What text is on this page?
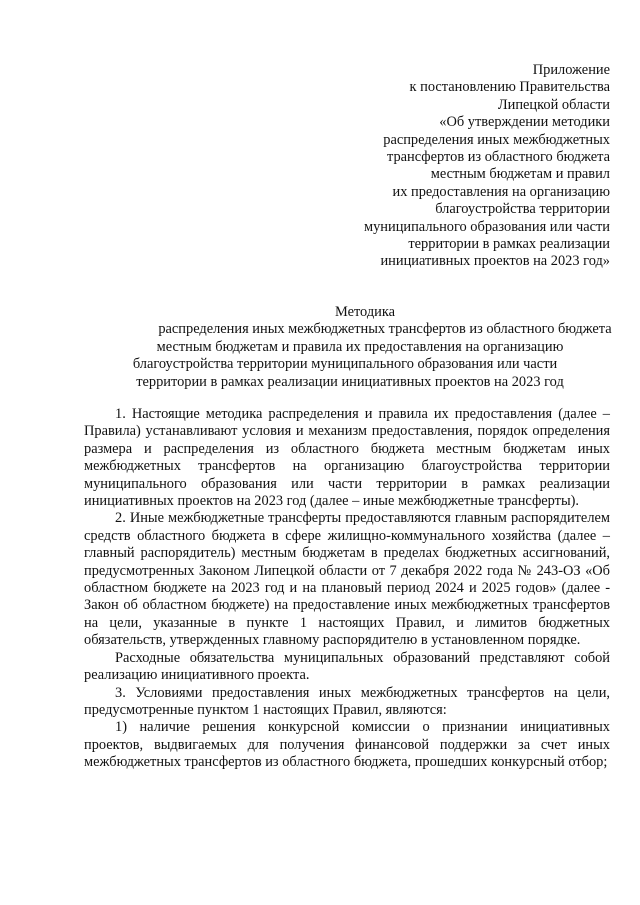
Приложение
к постановлению Правительства
Липецкой области
«Об утверждении методики
распределения иных межбюджетных
трансфертов из областного бюджета
местным бюджетам и правил
их предоставления на организацию
благоустройства территории
муниципального образования или части
территории в рамках реализации
инициативных проектов на 2023 год»
Методика
распределения иных межбюджетных трансфертов из областного бюджета
местным бюджетам и правила их предоставления на организацию
благоустройства территории муниципального образования или части
территории в рамках реализации инициативных проектов на 2023 год

1. Настоящие методика распределения и правила их предоставления (далее – Правила) устанавливают условия и механизм предоставления, порядок определения размера и распределения из областного бюджета местным бюджетам иных межбюджетных трансфертов на организацию благоустройства территории муниципального образования или части территории в рамках реализации инициативных проектов на 2023 год (далее – иные межбюджетные трансферты).

2. Иные межбюджетные трансферты предоставляются главным распорядителем средств областного бюджета в сфере жилищно-коммунального хозяйства (далее – главный распорядитель) местным бюджетам в пределах бюджетных ассигнований, предусмотренных Законом Липецкой области от 7 декабря 2022 года № 243-ОЗ «Об областном бюджете на 2023 год и на плановый период 2024 и 2025 годов» (далее - Закон об областном бюджете) на предоставление иных межбюджетных трансфертов на цели, указанные в пункте 1 настоящих Правил, и лимитов бюджетных обязательств, утвержденных главному распорядителю в установленном порядке.

Расходные обязательства муниципальных образований представляют собой реализацию инициативного проекта.

3. Условиями предоставления иных межбюджетных трансфертов на цели, предусмотренные пунктом 1 настоящих Правил, являются:

1) наличие решения конкурсной комиссии о признании инициативных проектов, выдвигаемых для получения финансовой поддержки за счет иных межбюджетных трансфертов из областного бюджета, прошедших конкурсный отбор;
